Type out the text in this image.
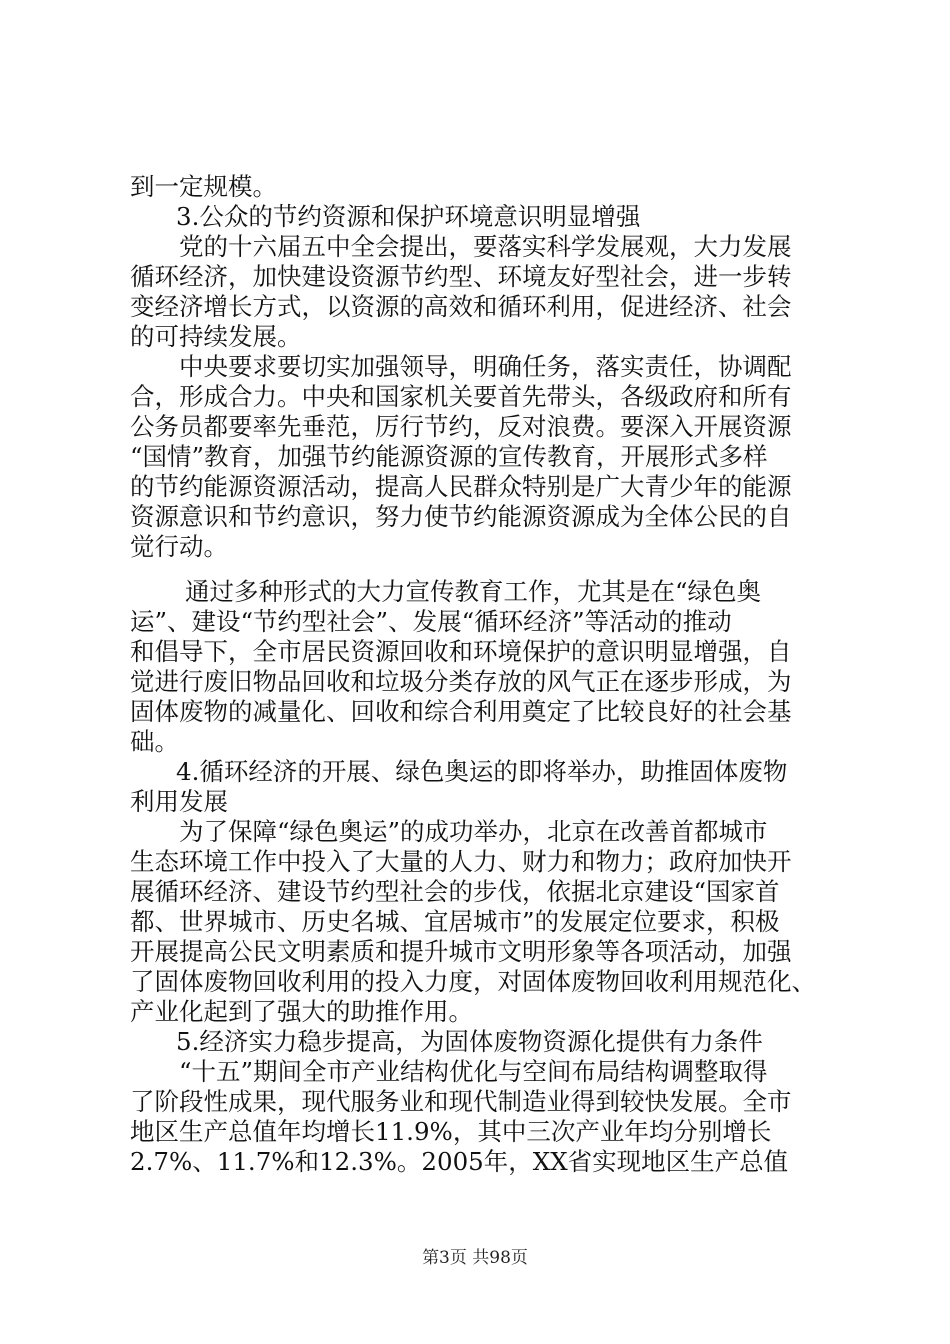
到一定规模。
3.公众的节约资源和保护环境意识明显增强
党的十六届五中全会提出，要落实科学发展观，大力发展
循环经济，加快建设资源节约型、环境友好型社会，进一步转
变经济增长方式，以资源的高效和循环利用，促进经济、社会
的可持续发展。
中央要求要切实加强领导，明确任务，落实责任，协调配
合，形成合力。中央和国家机关要首先带头，各级政府和所有
公务员都要率先垂范，厉行节约，反对浪费。要深入开展资源
“国情”教育，加强节约能源资源的宣传教育，开展形式多样
的节约能源资源活动，提高人民群众特别是广大青少年的能源
资源意识和节约意识，努力使节约能源资源成为全体公民的自
觉行动。
通过多种形式的大力宣传教育工作，尤其是在“绿色奥
运”、建设“节约型社会”、发展“循环经济”等活动的推动
和倡导下，全市居民资源回收和环境保护的意识明显增强，自
觉进行废旧物品回收和垃圾分类存放的风气正在逐步形成，为
固体废物的减量化、回收和综合利用奠定了比较良好的社会基
础。
4.循环经济的开展、绿色奥运的即将举办，助推固体废物
利用发展
为了保障“绿色奥运”的成功举办，北京在改善首都城市
生态环境工作中投入了大量的人力、财力和物力；政府加快开
展循环经济、建设节约型社会的步伐，依据北京建设“国家首
都、世界城市、历史名城、宜居城市”的发展定位要求，积极
开展提高公民文明素质和提升城市文明形象等各项活动，加强
了固体废物回收利用的投入力度，对固体废物回收利用规范化、
产业化起到了强大的助推作用。
5.经济实力稳步提高，为固体废物资源化提供有力条件
“十五”期间全市产业结构优化与空间布局结构调整取得
了阶段性成果，现代服务业和现代制造业得到较快发展。全市
地区生产总值年均增长11.9%，其中三次产业年均分别增长
2.7%、11.7%和12.3%。2005年，XX省实现地区生产总值
第3页 共98页
